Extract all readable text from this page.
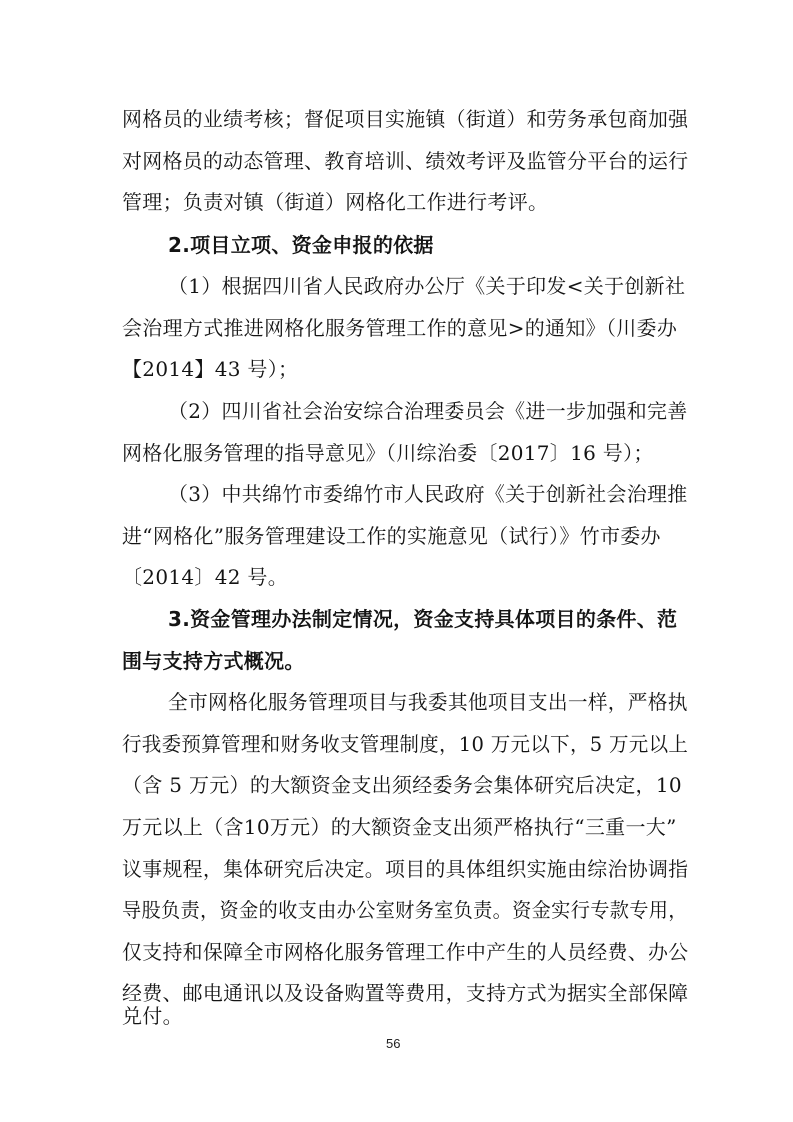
网格员的业绩考核；督促项目实施镇（街道）和劳务承包商加强
对网格员的动态管理、教育培训、绩效考评及监管分平台的运行
管理；负责对镇（街道）网格化工作进行考评。
2.项目立项、资金申报的依据
（1）根据四川省人民政府办公厅《关于印发<关于创新社
会治理方式推进网格化服务管理工作的意见>的通知》（川委办
【2014】43 号）；
（2）四川省社会治安综合治理委员会《进一步加强和完善
网格化服务管理的指导意见》（川综治委〔2017〕16 号）；
（3）中共绵竹市委绵竹市人民政府《关于创新社会治理推
进“网格化”服务管理建设工作的实施意见（试行）》竹市委办
〔2014〕42 号。
3.资金管理办法制定情况，资金支持具体项目的条件、范
围与支持方式概况。
全市网格化服务管理项目与我委其他项目支出一样，严格执
行我委预算管理和财务收支管理制度，10 万元以下，5 万元以上
（含 5 万元）的大额资金支出须经委务会集体研究后决定，10
万元以上（含10万元）的大额资金支出须严格执行“三重一大”
议事规程，集体研究后决定。项目的具体组织实施由综治协调指
导股负责，资金的收支由办公室财务室负责。资金实行专款专用，
仅支持和保障全市网格化服务管理工作中产生的人员经费、办公
经费、邮电通讯以及设备购置等费用，支持方式为据实全部保障
兑付。
56
